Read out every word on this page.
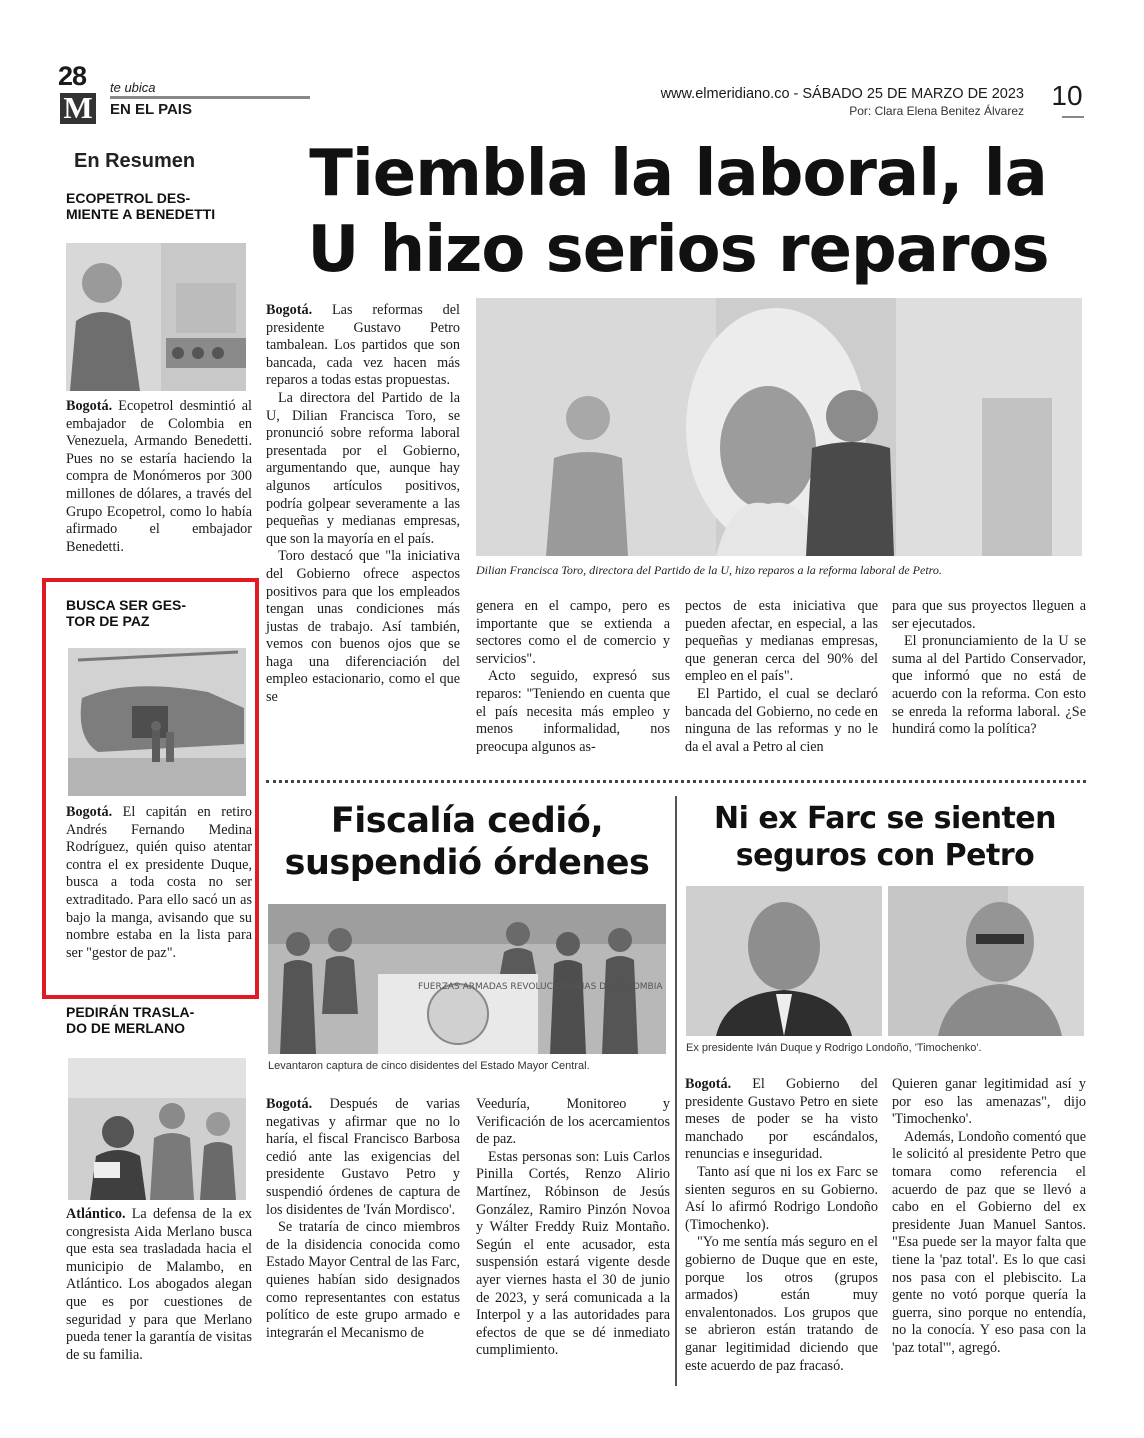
28
M
te ubica
EN EL PAIS
www.elmeridiano.co - SÁBADO 25 DE MARZO DE 2023
Por: Clara Elena Benitez Álvarez 10
En Resumen

ECOPETROL DES-
MIENTE A BENEDETTI

Bogotá. Ecopetrol desmintió al embajador de Colombia en Venezuela, Armando Benedetti. Pues no se estaría haciendo la compra de Monómeros por 300 millones de dólares, a través del Grupo Ecopetrol, como lo había afirmado el embajador Benedetti.

BUSCA SER GES-
TOR DE PAZ

Bogotá. El capitán en retiro Andrés Fernando Medina Rodríguez, quién quiso atentar contra el ex presidente Duque, busca a toda costa no ser extraditado. Para ello sacó un as bajo la manga, avisando que su nombre estaba en la lista para ser "gestor de paz".

PEDIRÁN TRASLA-
DO DE MERLANO

Atlántico. La defensa de la ex congresista Aida Merlano busca que esta sea trasladada hacia el municipio de Malambo, en Atlántico. Los abogados alegan que es por cuestiones de seguridad y para que Merlano pueda tener la garantía de visitas de su familia.

Tiembla la laboral, la
U hizo serios reparos

Bogotá. Las reformas del presidente Gustavo Petro tambalean. Los partidos que son bancada, cada vez hacen más reparos a todas estas propuestas.

La directora del Partido de la U, Dilian Francisca Toro, se pronunció sobre reforma laboral presentada por el Gobierno, argumentando que, aunque hay algunos artículos positivos, podría golpear severamente a las pequeñas y medianas empresas, que son la mayoría en el país.

Toro destacó que "la iniciativa del Gobierno ofrece aspectos positivos para que los empleados tengan unas condiciones más justas de trabajo. Así también, vemos con buenos ojos que se haga una diferenciación del empleo estacionario, como el que se

Dilian Francisca Toro, directora del Partido de la U, hizo reparos a la reforma laboral de Petro.

genera en el campo, pero es importante que se extienda a sectores como el de comercio y servicios".

Acto seguido, expresó sus reparos: "Teniendo en cuenta que el país necesita más empleo y menos informalidad, nos preocupa algunos as-

pectos de esta iniciativa que pueden afectar, en especial, a las pequeñas y medianas empresas, que generan cerca del 90% del empleo en el país".

El Partido, el cual se declaró bancada del Gobierno, no cede en ninguna de las reformas y no le da el aval a Petro al cien

para que sus proyectos lleguen a ser ejecutados.

El pronunciamiento de la U se suma al del Partido Conservador, que informó que no está de acuerdo con la reforma. Con esto se enreda la reforma laboral. ¿Se hundirá como la política?

Fiscalía cedió,
suspendió órdenes

FUERZAS ARMADAS REVOLUCIONARIAS DE COLOMBIA
Levantaron captura de cinco disidentes del Estado Mayor Central.

Bogotá. Después de varias negativas y afirmar que no lo haría, el fiscal Francisco Barbosa cedió ante las exigencias del presidente Gustavo Petro y suspendió órdenes de captura de los disidentes de 'Iván Mordisco'.

Se trataría de cinco miembros de la disidencia conocida como Estado Mayor Central de las Farc, quienes habían sido designados como representantes con estatus político de este grupo armado e integrarán el Mecanismo de

Veeduría, Monitoreo y Verificación de los acercamientos de paz.

Estas personas son: Luis Carlos Pinilla Cortés, Renzo Alirio Martínez, Róbinson de Jesús González, Ramiro Pinzón Novoa y Wálter Freddy Ruiz Montaño. Según el ente acusador, esta suspensión estará vigente desde ayer viernes hasta el 30 de junio de 2023, y será comunicada a la Interpol y a las autoridades para efectos de que se dé inmediato cumplimiento.

Ni ex Farc se sienten
seguros con Petro

Ex presidente Iván Duque y Rodrigo Londoño, 'Timochenko'.

Bogotá. El Gobierno del presidente Gustavo Petro en siete meses de poder se ha visto manchado por escándalos, renuncias e inseguridad.

Tanto así que ni los ex Farc se sienten seguros en su Gobierno. Así lo afirmó Rodrigo Londoño (Timochenko).

"Yo me sentía más seguro en el gobierno de Duque que en este, porque los otros (grupos armados) están muy envalentonados. Los grupos que se abrieron están tratando de ganar legitimidad diciendo que este acuerdo de paz fracasó.

Quieren ganar legitimidad así y por eso las amenazas", dijo 'Timochenko'.

Además, Londoño comentó que le solicitó al presidente Petro que tomara como referencia el acuerdo de paz que se llevó a cabo en el Gobierno del ex presidente Juan Manuel Santos. "Esa puede ser la mayor falta que tiene la 'paz total'. Es lo que casi nos pasa con el plebiscito. La gente no votó porque quería la guerra, sino porque no entendía, no la conocía. Y eso pasa con la 'paz total'", agregó.
